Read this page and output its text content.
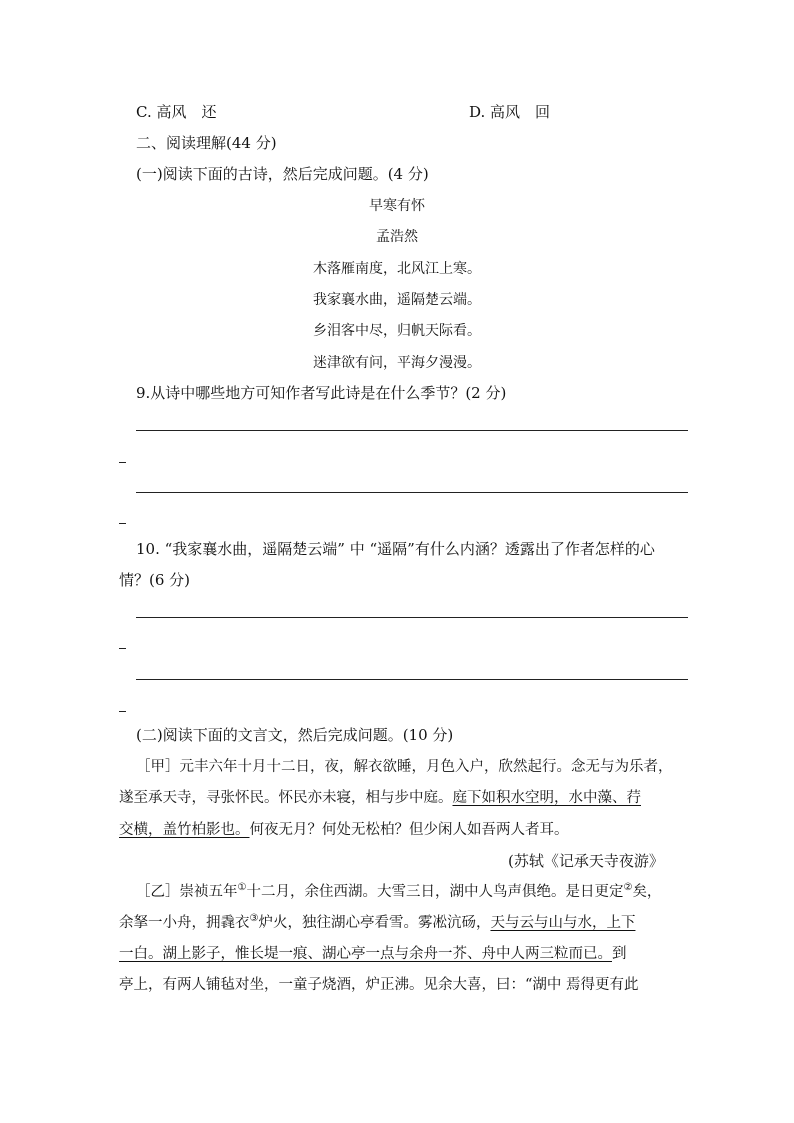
C. 高风　还	D. 高风　回
二、阅读理解(44 分)
(一)阅读下面的古诗，然后完成问题。(4 分)
早寒有怀
孟浩然
木落雁南度，北风江上寒。
我家襄水曲，遥隔楚云端。
乡泪客中尽，归帆天际看。
迷津欲有问，平海夕漫漫。
9.从诗中哪些地方可知作者写此诗是在什么季节？(2 分)
10. “我家襄水曲，遥隔楚云端” 中 “遥隔”有什么内涵？透露出了作者怎样的心
情？(6 分)
(二)阅读下面的文言文，然后完成问题。(10 分)
［甲］元丰六年十月十二日，夜，解衣欲睡，月色入户，欣然起行。念无与为乐者，
遂至承天寺，寻张怀民。怀民亦未寝，相与步中庭。庭下如积水空明，水中藻、荇
交横，盖竹柏影也。何夜无月？何处无松柏？但少闲人如吾两人者耳。
(苏轼《记承天寺夜游》
［乙］崇祯五年①十二月，余住西湖。大雪三日，湖中人鸟声俱绝。是日更定②矣，
余拏一小舟，拥毳衣③炉火，独往湖心亭看雪。雾凇沆砀，天与云与山与水，上下
一白。湖上影子，惟长堤一痕、湖心亭一点与余舟一芥、舟中人两三粒而已。到
亭上，有两人铺毡对坐，一童子烧酒，炉正沸。见余大喜，曰：“湖中 焉得更有此
